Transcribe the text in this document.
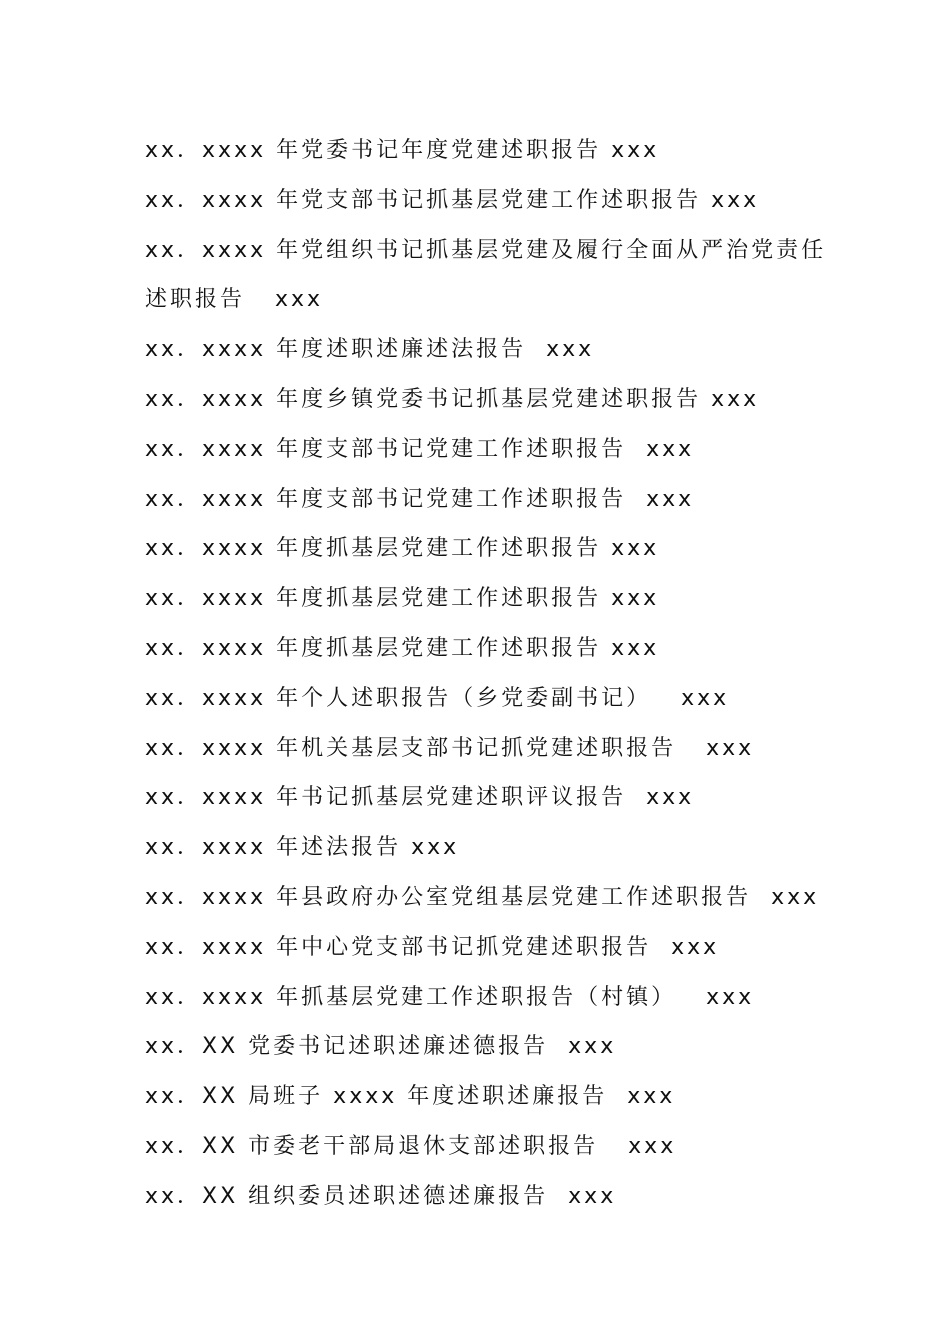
xx．xxxx 年党委书记年度党建述职报告 xxx
xx．xxxx 年党支部书记抓基层党建工作述职报告 xxx
xx．xxxx 年党组织书记抓基层党建及履行全面从严治党责任
述职报告   xxx
xx．xxxx 年度述职述廉述法报告  xxx
xx．xxxx 年度乡镇党委书记抓基层党建述职报告 xxx
xx．xxxx 年度支部书记党建工作述职报告  xxx
xx．xxxx 年度支部书记党建工作述职报告  xxx
xx．xxxx 年度抓基层党建工作述职报告 xxx
xx．xxxx 年度抓基层党建工作述职报告 xxx
xx．xxxx 年度抓基层党建工作述职报告 xxx
xx．xxxx 年个人述职报告（乡党委副书记）   xxx
xx．xxxx 年机关基层支部书记抓党建述职报告   xxx
xx．xxxx 年书记抓基层党建述职评议报告  xxx
xx．xxxx 年述法报告 xxx
xx．xxxx 年县政府办公室党组基层党建工作述职报告  xxx
xx．xxxx 年中心党支部书记抓党建述职报告  xxx
xx．xxxx 年抓基层党建工作述职报告（村镇）   xxx
xx．XX 党委书记述职述廉述德报告  xxx
xx．XX 局班子 xxxx 年度述职述廉报告  xxx
xx．XX 市委老干部局退休支部述职报告   xxx
xx．XX 组织委员述职述德述廉报告  xxx
